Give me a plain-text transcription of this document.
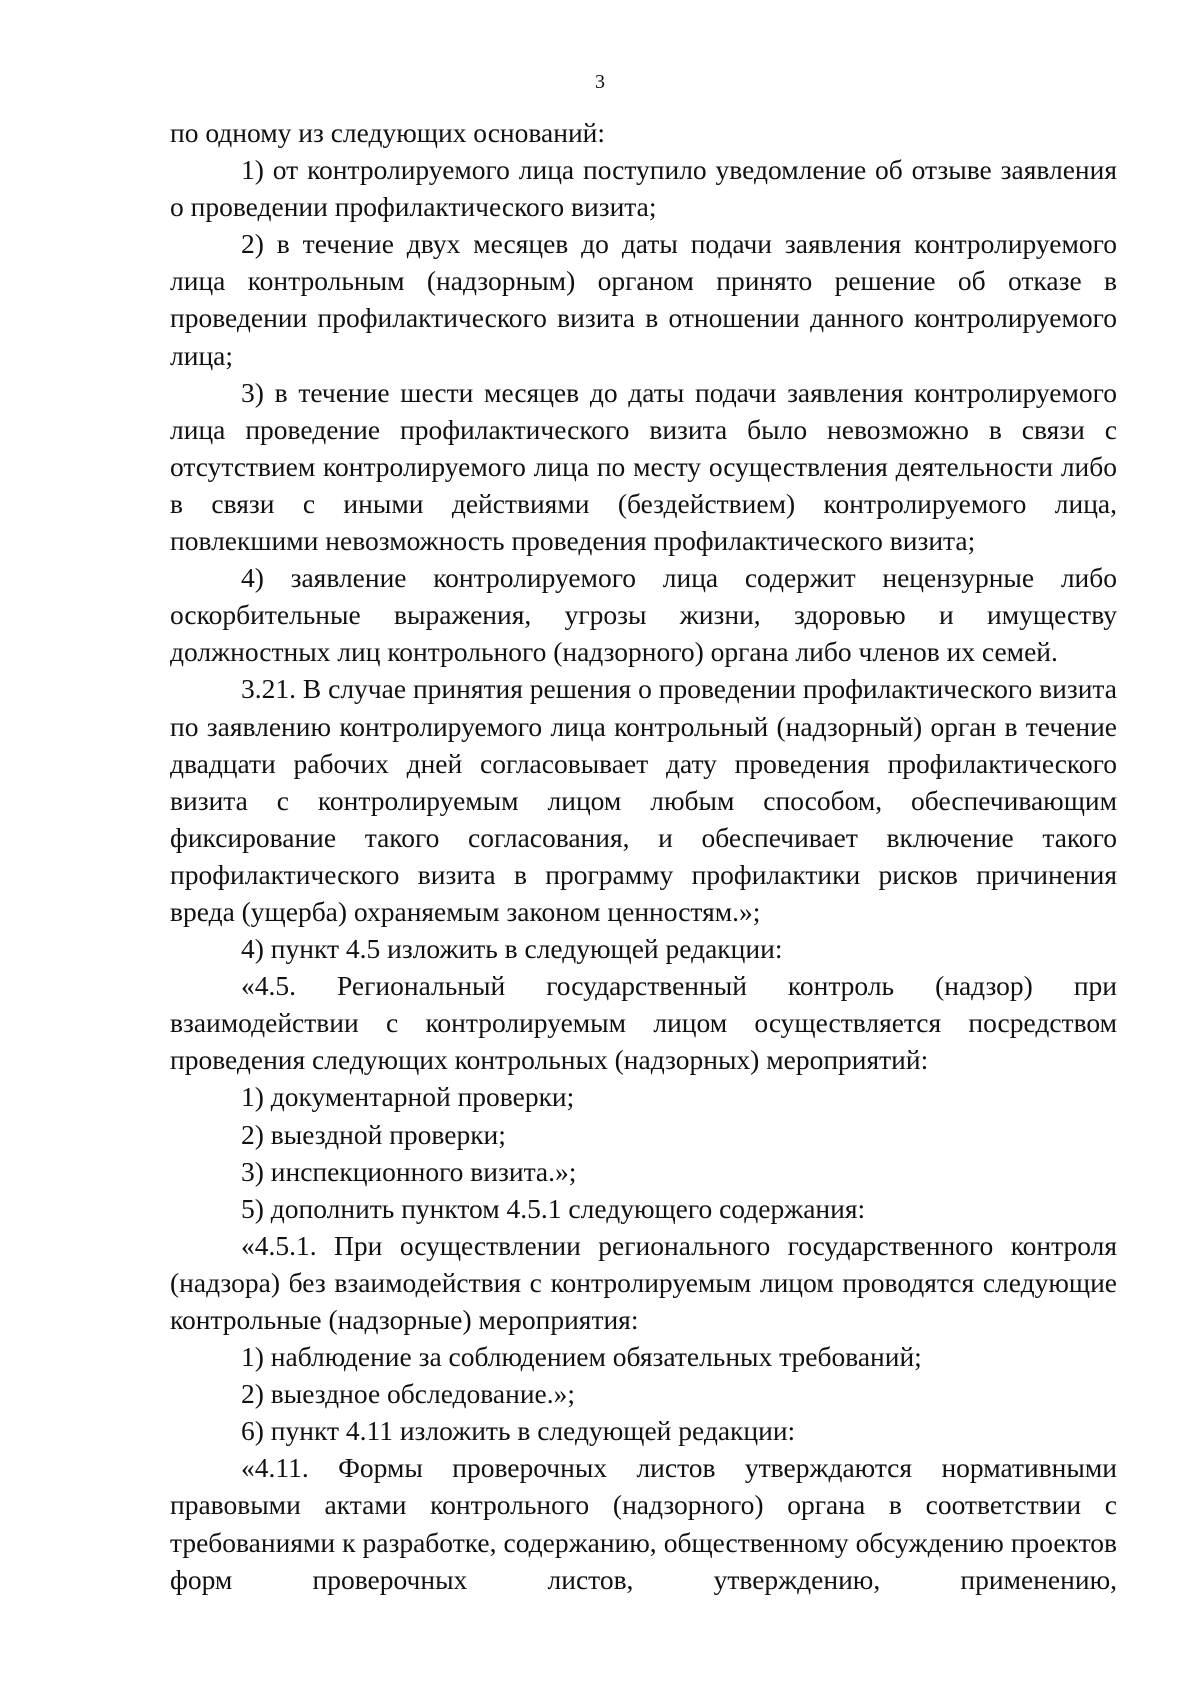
3

по одному из следующих оснований:

1) от контролируемого лица поступило уведомление об отзыве заявления о проведении профилактического визита;

2) в течение двух месяцев до даты подачи заявления контролируемого лица контрольным (надзорным) органом принято решение об отказе в проведении профилактического визита в отношении данного контролируемого лица;

3) в течение шести месяцев до даты подачи заявления контролируемого лица проведение профилактического визита было невозможно в связи с отсутствием контролируемого лица по месту осуществления деятельности либо в связи с иными действиями (бездействием) контролируемого лица, повлекшими невозможность проведения профилактического визита;

4) заявление контролируемого лица содержит нецензурные либо оскорбительные выражения, угрозы жизни, здоровью и имуществу должностных лиц контрольного (надзорного) органа либо членов их семей.

3.21. В случае принятия решения о проведении профилактического визита по заявлению контролируемого лица контрольный (надзорный) орган в течение двадцати рабочих дней согласовывает дату проведения профилактического визита с контролируемым лицом любым способом, обеспечивающим фиксирование такого согласования, и обеспечивает включение такого профилактического визита в программу профилактики рисков причинения вреда (ущерба) охраняемым законом ценностям.»;

4) пункт 4.5 изложить в следующей редакции:

«4.5. Региональный государственный контроль (надзор) при взаимодействии с контролируемым лицом осуществляется посредством проведения следующих контрольных (надзорных) мероприятий:

1) документарной проверки;

2) выездной проверки;

3) инспекционного визита.»;

5) дополнить пунктом 4.5.1 следующего содержания:

«4.5.1. При осуществлении регионального государственного контроля (надзора) без взаимодействия с контролируемым лицом проводятся следующие контрольные (надзорные) мероприятия:

1) наблюдение за соблюдением обязательных требований;

2) выездное обследование.»;

6) пункт 4.11 изложить в следующей редакции:

«4.11. Формы проверочных листов утверждаются нормативными правовыми актами контрольного (надзорного) органа в соответствии с требованиями к разработке, содержанию, общественному обсуждению проектов форм проверочных листов, утверждению, применению,
